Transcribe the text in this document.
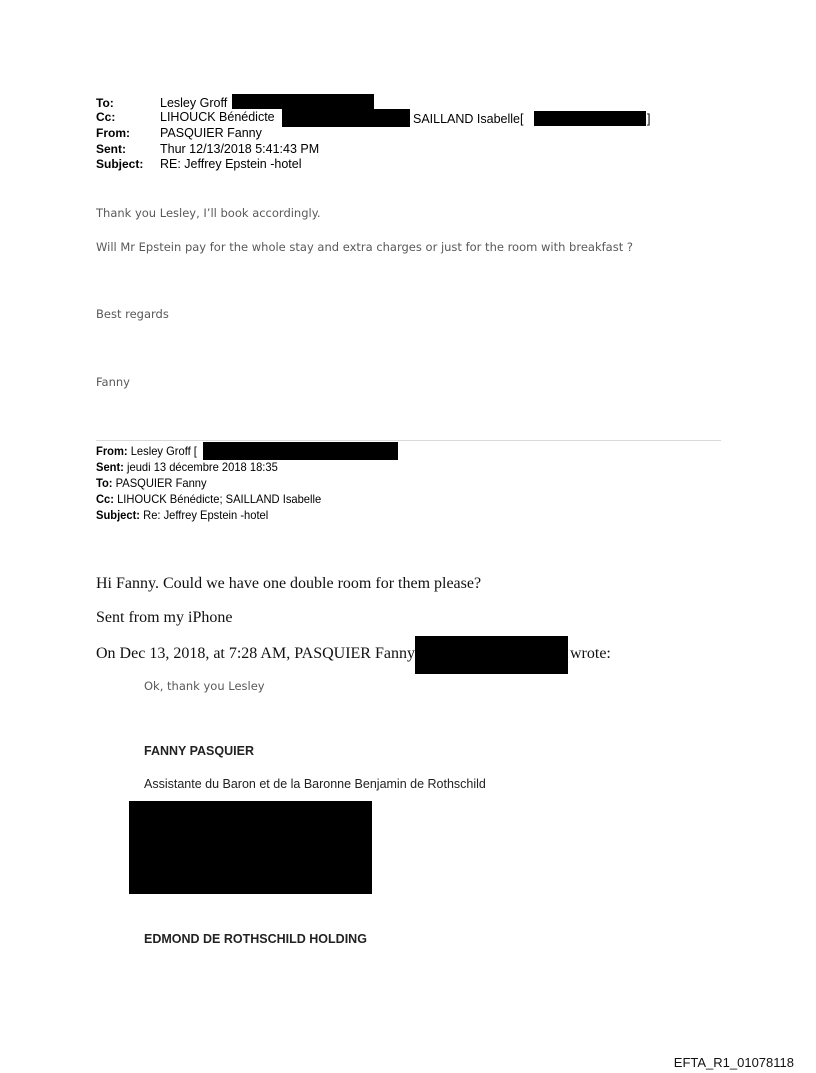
To:	Lesley Groff
Cc:	LIHOUCK Bénédicte	SAILLAND Isabelle[	]
From: PASQUIER Fanny
Sent:	Thur 12/13/2018 5:41:43 PM
Subject: RE: Jeffrey Epstein -hotel
Thank you Lesley, I’ll book accordingly.
Will Mr Epstein pay for the whole stay and extra charges or just for the room with breakfast ?
Best regards
Fanny
From: Lesley Groff [
Sent: jeudi 13 décembre 2018 18:35
To: PASQUIER Fanny
Cc: LIHOUCK Bénédicte; SAILLAND Isabelle
Subject: Re: Jeffrey Epstein -hotel
Hi Fanny. Could we have one double room for them please?
Sent from my iPhone
On Dec 13, 2018, at 7:28 AM, PASQUIER Fanny	wrote:
Ok, thank you Lesley
FANNY PASQUIER
Assistante du Baron et de la Baronne Benjamin de Rothschild
EDMOND DE ROTHSCHILD HOLDING
EFTA_R1_01078118
